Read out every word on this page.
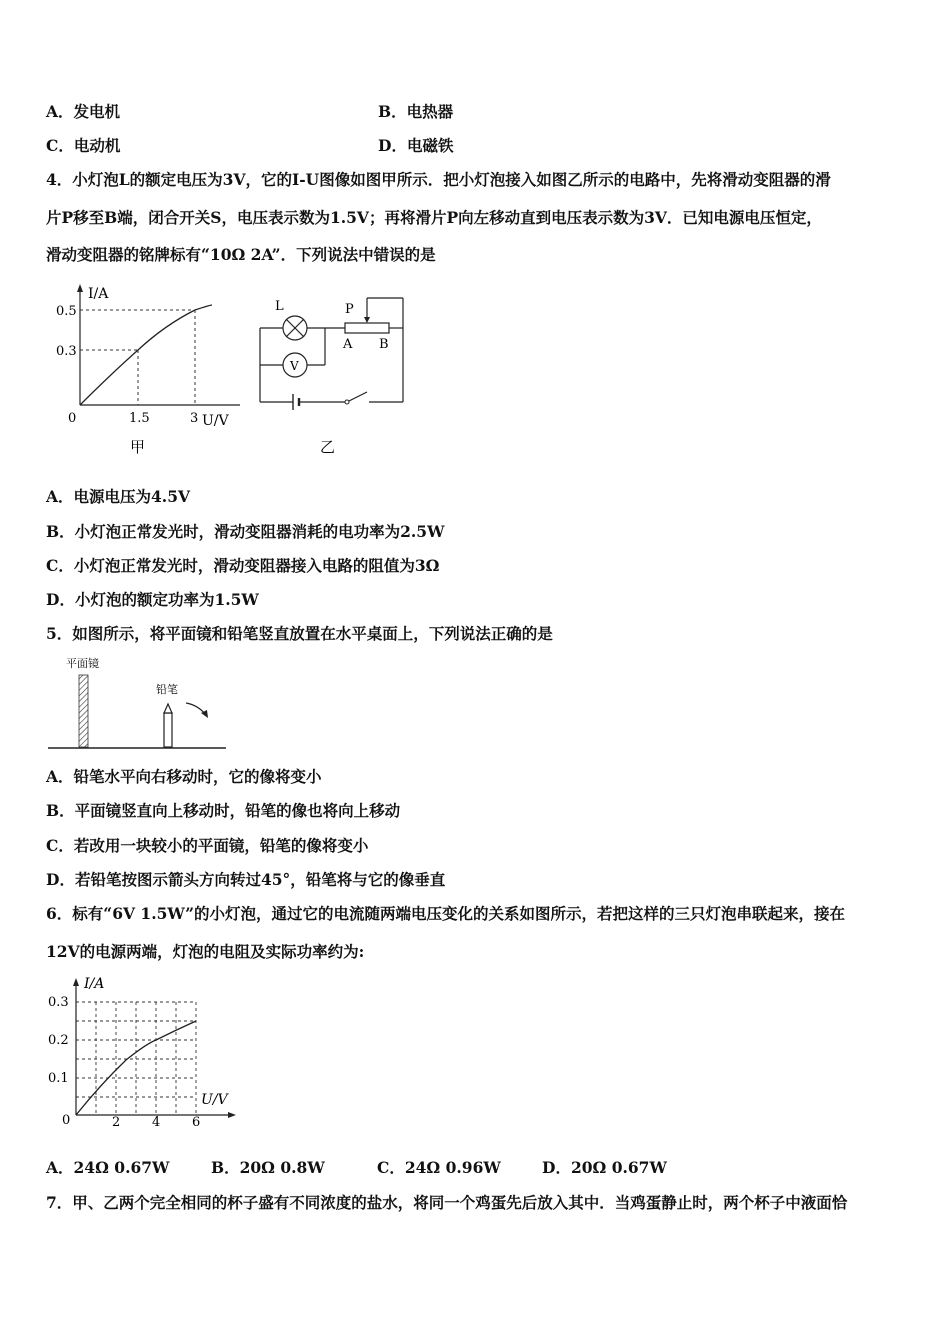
A．发电机	B．电热器
C．电动机	D．电磁铁
4．小灯泡L的额定电压为3V，它的I-U图像如图甲所示．把小灯泡接入如图乙所示的电路中，先将滑动变阻器的滑
片P移至B端，闭合开关S，电压表示数为1.5V；再将滑片P向左移动直到电压表示数为3V．已知电源电压恒定，
滑动变阻器的铭牌标有“10Ω 2A”．下列说法中错误的是
I/A
0.5
0.3
0	1.5	3 U/V
甲
V
L	P
A B
乙
A．电源电压为4.5V
B．小灯泡正常发光时，滑动变阻器消耗的电功率为2.5W
C．小灯泡正常发光时，滑动变阻器接入电路的阻值为3Ω
D．小灯泡的额定功率为1.5W
5．如图所示，将平面镜和铅笔竖直放置在水平桌面上，下列说法正确的是
平面镜
铅笔
A．铅笔水平向右移动时，它的像将变小
B．平面镜竖直向上移动时，铅笔的像也将向上移动
C．若改用一块较小的平面镜，铅笔的像将变小
D．若铅笔按图示箭头方向转过45°，铅笔将与它的像垂直
6．标有“6V 1.5W”的小灯泡，通过它的电流随两端电压变化的关系如图所示，若把这样的三只灯泡串联起来，接在
12V的电源两端，灯泡的电阻及实际功率约为:
I/A
0.3
0.2
0.1
0	2 4 6
U/V
A．24Ω 0.67W	B．20Ω 0.8W	C．24Ω 0.96W	D．20Ω 0.67W
7．甲、乙两个完全相同的杯子盛有不同浓度的盐水，将同一个鸡蛋先后放入其中．当鸡蛋静止时，两个杯子中液面恰
